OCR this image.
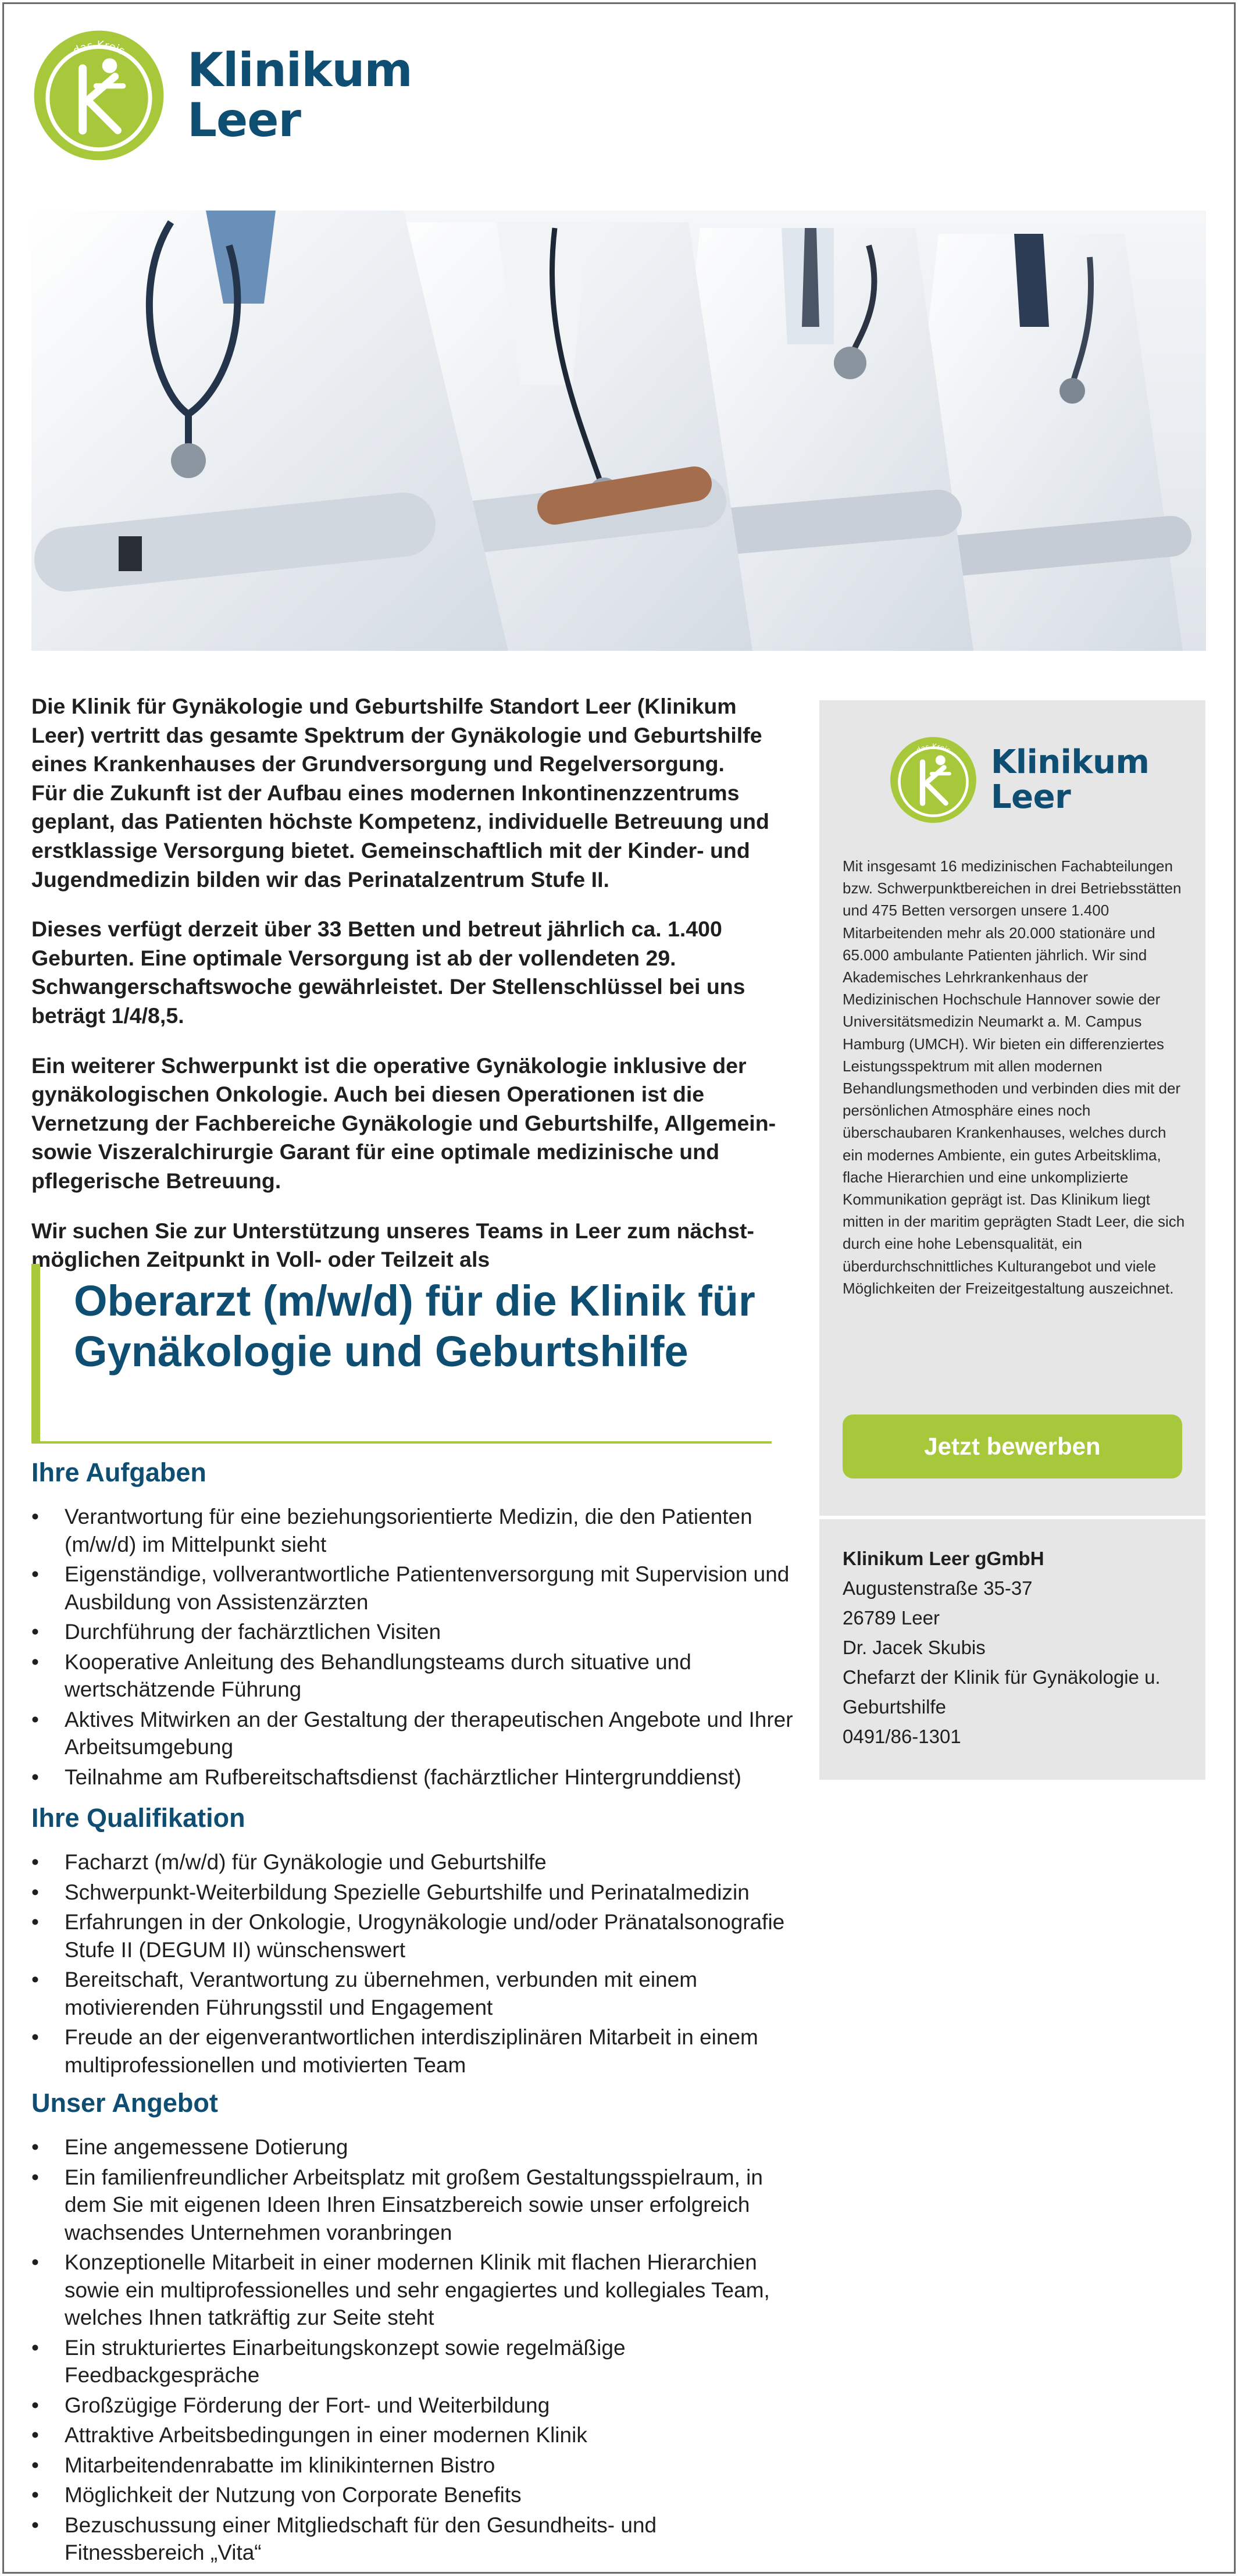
das Kreis Klinikum
Leer

Die Klinik für Gynäkologie und Geburtshilfe Standort Leer (Klinikum Leer) vertritt das gesamte Spektrum der Gynäkologie und Geburtshilfe eines Krankenhauses der Grundversorgung und Regelversorgung.

Für die Zukunft ist der Aufbau eines modernen Inkontinenzzentrums geplant, das Patienten höchste Kompetenz, individuelle Betreuung und erstklassige Versorgung bietet. Gemeinschaftlich mit der Kinder- und Jugendmedizin bilden wir das Perinatalzentrum Stufe II.

Dieses verfügt derzeit über 33 Betten und betreut jährlich ca. 1.400 Geburten. Eine optimale Versorgung ist ab der vollendeten 29. Schwangerschaftswoche gewährleistet. Der Stellenschlüssel bei uns beträgt 1/4/8,5.

Ein weiterer Schwerpunkt ist die operative Gynäkologie inklusive der gynäkologischen Onkologie. Auch bei diesen Operationen ist die Vernetzung der Fachbereiche Gynäkologie und Geburtshilfe, Allgemein- sowie Viszeralchirurgie Garant für eine optimale medizinische und pflegerische Betreuung.

Wir suchen Sie zur Unterstützung unseres Teams in Leer zum nächst- möglichen Zeitpunkt in Voll- oder Teilzeit als

Oberarzt (m/w/d) für die Klinik für Gynäkologie und Geburtshilfe
Ihre Aufgaben
• Verantwortung für eine beziehungsorientierte Medizin, die den Patienten (m/w/d) im Mittelpunkt sieht
• Eigenständige, vollverantwortliche Patientenversorgung mit Supervision und Ausbildung von Assistenzärzten
• Durchführung der fachärztlichen Visiten
• Kooperative Anleitung des Behandlungsteams durch situative und wertschätzende Führung
• Aktives Mitwirken an der Gestaltung der therapeutischen Angebote und Ihrer Arbeitsumgebung
• Teilnahme am Rufbereitschaftsdienst (fachärztlicher Hintergrunddienst)
Ihre Qualifikation
• Facharzt (m/w/d) für Gynäkologie und Geburtshilfe
• Schwerpunkt-Weiterbildung Spezielle Geburtshilfe und Perinatalmedizin
• Erfahrungen in der Onkologie, Urogynäkologie und/oder Pränatalsonografie Stufe II (DEGUM II) wünschenswert
• Bereitschaft, Verantwortung zu übernehmen, verbunden mit einem motivierenden Führungsstil und Engagement
• Freude an der eigenverantwortlichen interdisziplinären Mitarbeit in einem multiprofessionellen und motivierten Team
Unser Angebot
• Eine angemessene Dotierung
• Ein familienfreundlicher Arbeitsplatz mit großem Gestaltungsspielraum, in dem Sie mit eigenen Ideen Ihren Einsatzbereich sowie unser erfolgreich wachsendes Unternehmen voranbringen
• Konzeptionelle Mitarbeit in einer modernen Klinik mit flachen Hierarchien sowie ein multiprofessionelles und sehr engagiertes und kollegiales Team, welches Ihnen tatkräftig zur Seite steht
• Ein strukturiertes Einarbeitungskonzept sowie regelmäßige Feedbackgespräche
• Großzügige Förderung der Fort- und Weiterbildung
• Attraktive Arbeitsbedingungen in einer modernen Klinik
• Mitarbeitendenrabatte im klinikinternen Bistro
• Möglichkeit der Nutzung von Corporate Benefits
• Bezuschussung einer Mitgliedschaft für den Gesundheits- und Fitnessbereich „Vita“
das Kreis Klinikum
Leer
Mit insgesamt 16 medizinischen Fachabteilungen bzw. Schwerpunktbereichen in drei Betriebsstätten und 475 Betten versorgen unsere 1.400 Mitarbeitenden mehr als 20.000 stationäre und 65.000 ambulante Patienten jährlich. Wir sind Akademisches Lehrkrankenhaus der Medizinischen Hochschule Hannover sowie der Universitätsmedizin Neumarkt a. M. Campus Hamburg (UMCH). Wir bieten ein differenziertes Leistungsspektrum mit allen modernen Behandlungsmethoden und verbinden dies mit der persönlichen Atmosphäre eines noch überschaubaren Krankenhauses, welches durch ein modernes Ambiente, ein gutes Arbeitsklima, flache Hierarchien und eine unkomplizierte Kommunikation geprägt ist. Das Klinikum liegt mitten in der maritim geprägten Stadt Leer, die sich durch eine hohe Lebensqualität, ein überdurchschnittliches Kulturangebot und viele Möglichkeiten der Freizeitgestaltung auszeichnet.
Jetzt bewerben
Klinikum Leer gGmbH
Augustenstraße 35-37
26789 Leer
Dr. Jacek Skubis
Chefarzt der Klinik für Gynäkologie u.
Geburtshilfe
0491/86-1301
